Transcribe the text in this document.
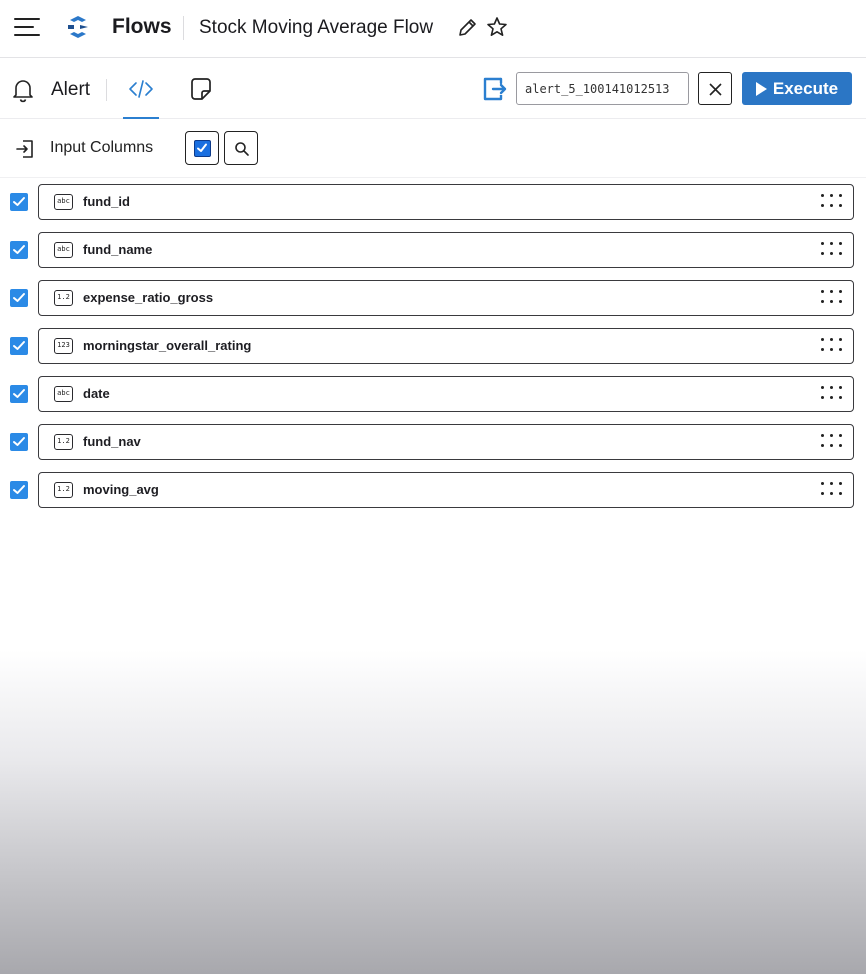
Flows Stock Moving Average Flow
Alert
alert_5_100141012513	Execute
Input Columns
abc fund_id
abc fund_name
1.2 expense_ratio_gross
123 morningstar_overall_rating
abc date
1.2 fund_nav
1.2 moving_avg
